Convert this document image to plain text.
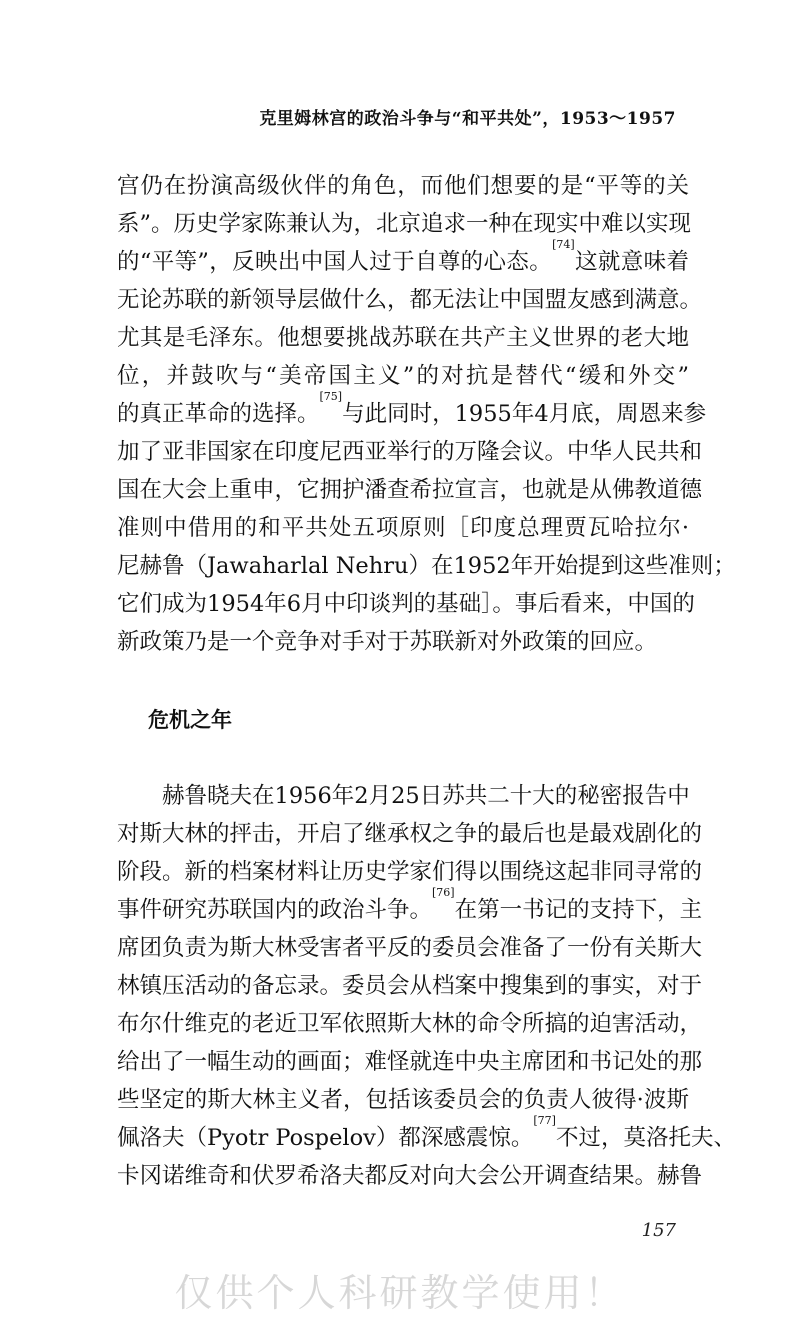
克里姆林宫的政治斗争与“和平共处”，1953～1957
宫仍在扮演高级伙伴的角色，而他们想要的是“平等的关
系”。历史学家陈兼认为，北京追求一种在现实中难以实现
的“平等”，反映出中国人过于自尊的心态。[74]这就意味着
无论苏联的新领导层做什么，都无法让中国盟友感到满意。
尤其是毛泽东。他想要挑战苏联在共产主义世界的老大地
位，并鼓吹与“美帝国主义”的对抗是替代“缓和外交”
的真正革命的选择。[75]与此同时，1955年4月底，周恩来参
加了亚非国家在印度尼西亚举行的万隆会议。中华人民共和
国在大会上重申，它拥护潘查希拉宣言，也就是从佛教道德
准则中借用的和平共处五项原则［印度总理贾瓦哈拉尔·
尼赫鲁（Jawaharlal Nehru）在1952年开始提到这些准则；
它们成为1954年6月中印谈判的基础］。事后看来，中国的
新政策乃是一个竞争对手对于苏联新对外政策的回应。
危机之年
　　赫鲁晓夫在1956年2月25日苏共二十大的秘密报告中
对斯大林的抨击，开启了继承权之争的最后也是最戏剧化的
阶段。新的档案材料让历史学家们得以围绕这起非同寻常的
事件研究苏联国内的政治斗争。[76]在第一书记的支持下，主
席团负责为斯大林受害者平反的委员会准备了一份有关斯大
林镇压活动的备忘录。委员会从档案中搜集到的事实，对于
布尔什维克的老近卫军依照斯大林的命令所搞的迫害活动，
给出了一幅生动的画面；难怪就连中央主席团和书记处的那
些坚定的斯大林主义者，包括该委员会的负责人彼得·波斯
佩洛夫（Pyotr Pospelov）都深感震惊。[77]不过，莫洛托夫、
卡冈诺维奇和伏罗希洛夫都反对向大会公开调查结果。赫鲁
157
仅供个人科研教学使用！
